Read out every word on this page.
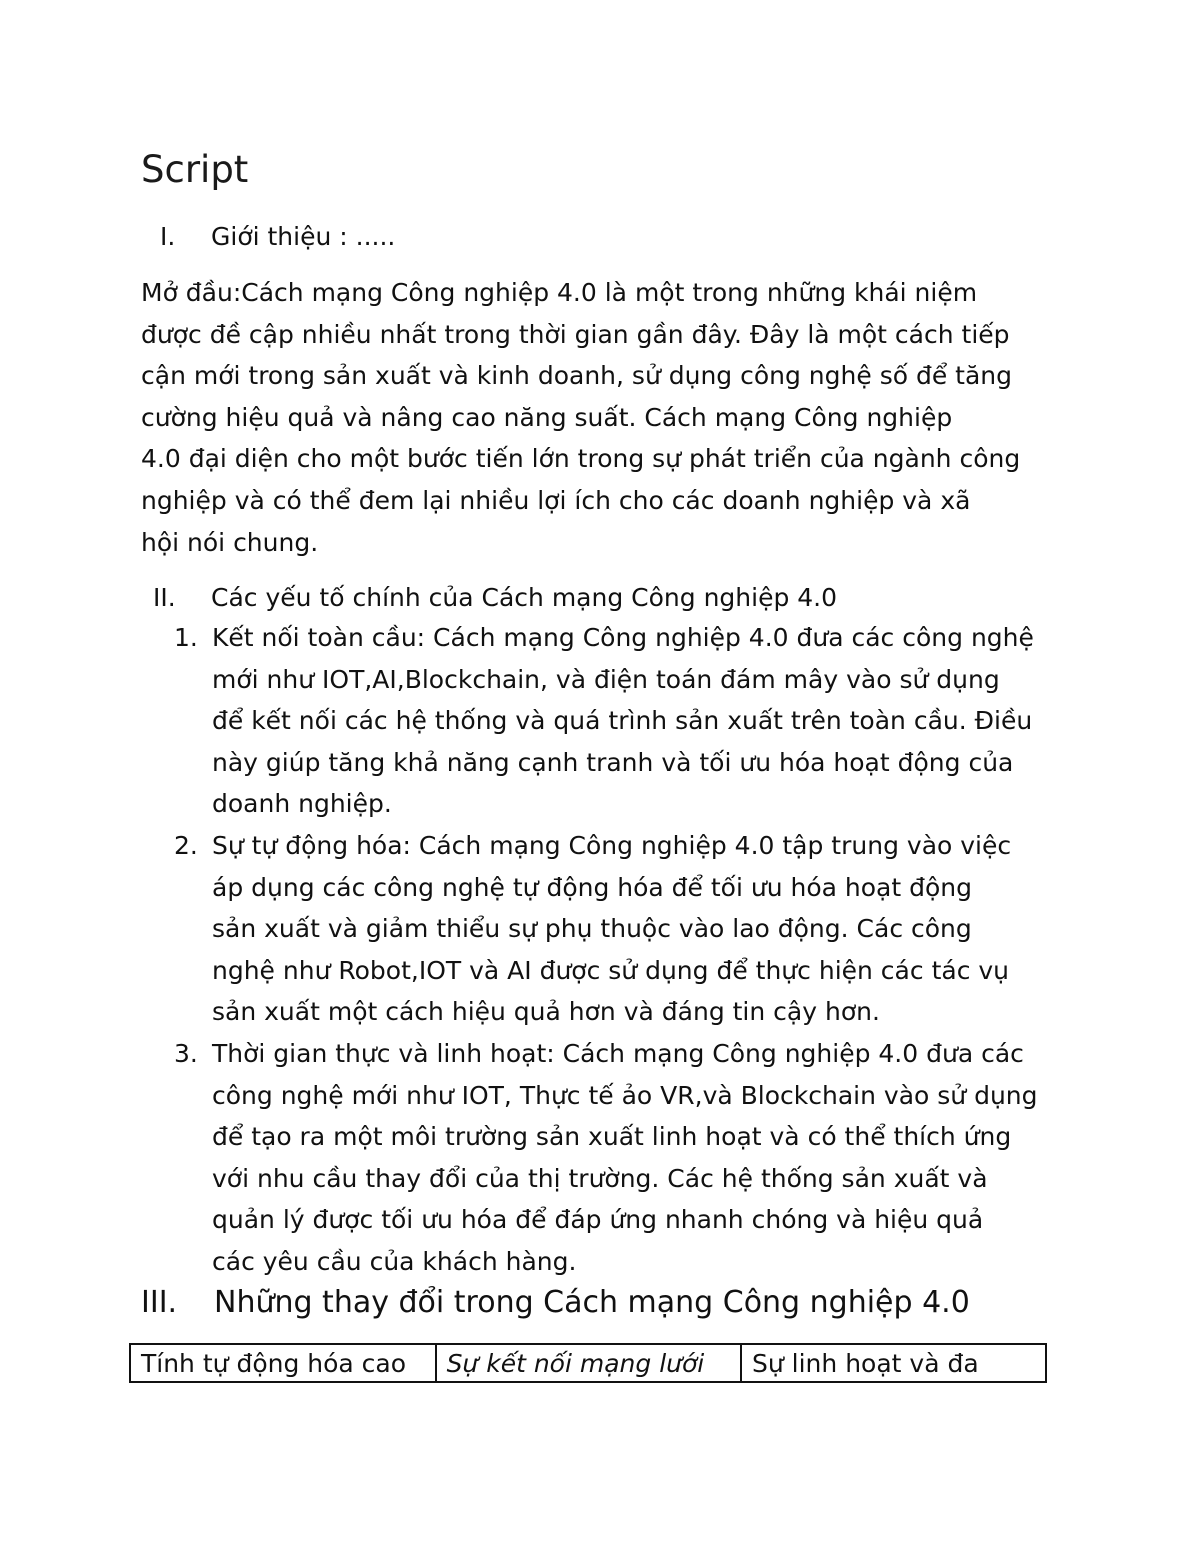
Script
I. Giới thiệu : .....
Mở đầu:Cách mạng Công nghiệp 4.0 là một trong những khái niệm
được đề cập nhiều nhất trong thời gian gần đây. Đây là một cách tiếp
cận mới trong sản xuất và kinh doanh, sử dụng công nghệ số để tăng
cường hiệu quả và nâng cao năng suất. Cách mạng Công nghiệp
4.0 đại diện cho một bước tiến lớn trong sự phát triển của ngành công
nghiệp và có thể đem lại nhiều lợi ích cho các doanh nghiệp và xã
hội nói chung.
II. Các yếu tố chính của Cách mạng Công nghiệp 4.0
1. Kết nối toàn cầu: Cách mạng Công nghiệp 4.0 đưa các công nghệ
mới như IOT,AI,Blockchain, và điện toán đám mây vào sử dụng
để kết nối các hệ thống và quá trình sản xuất trên toàn cầu. Điều
này giúp tăng khả năng cạnh tranh và tối ưu hóa hoạt động của
doanh nghiệp.
2. Sự tự động hóa: Cách mạng Công nghiệp 4.0 tập trung vào việc
áp dụng các công nghệ tự động hóa để tối ưu hóa hoạt động
sản xuất và giảm thiểu sự phụ thuộc vào lao động. Các công
nghệ như Robot,IOT và AI được sử dụng để thực hiện các tác vụ
sản xuất một cách hiệu quả hơn và đáng tin cậy hơn.
3. Thời gian thực và linh hoạt: Cách mạng Công nghiệp 4.0 đưa các
công nghệ mới như IOT, Thực tế ảo VR,và Blockchain vào sử dụng
để tạo ra một môi trường sản xuất linh hoạt và có thể thích ứng
với nhu cầu thay đổi của thị trường. Các hệ thống sản xuất và
quản lý được tối ưu hóa để đáp ứng nhanh chóng và hiệu quả
các yêu cầu của khách hàng.
III. Những thay đổi trong Cách mạng Công nghiệp 4.0
Tính tự động hóa cao	Sự kết nối mạng lưới	Sự linh hoạt và đa
